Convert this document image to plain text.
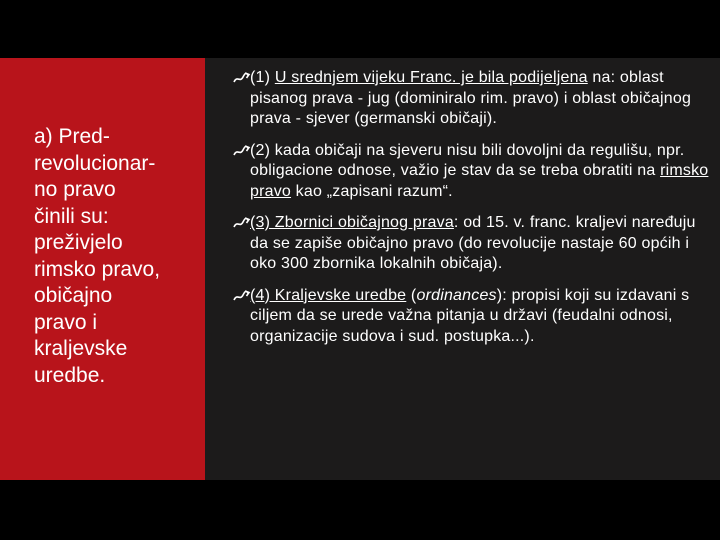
a) Pred-
revolucionar-
no pravo
činili su:
preživjelo
rimsko pravo,
običajno
pravo i
kraljevske
uredbe.
(1) U srednjem vijeku Franc. je bila podijeljena na: oblast pisanog prava - jug (dominiralo rim. pravo) i oblast običajnog prava - sjever (germanski običaji).
(2) kada običaji na sjeveru nisu bili dovoljni da regulišu, npr. obligacione odnose, važio je stav da se treba obratiti na rimsko pravo kao „zapisani razum“.
(3) Zbornici običajnog prava: od 15. v. franc. kraljevi naređuju da se zapiše običajno pravo (do revolucije nastaje 60 općih i oko 300 zbornika lokalnih običaja).
(4) Kraljevske uredbe (ordinances): propisi koji su izdavani s ciljem da se urede važna pitanja u državi (feudalni odnosi, organizacije sudova i sud. postupka...).
